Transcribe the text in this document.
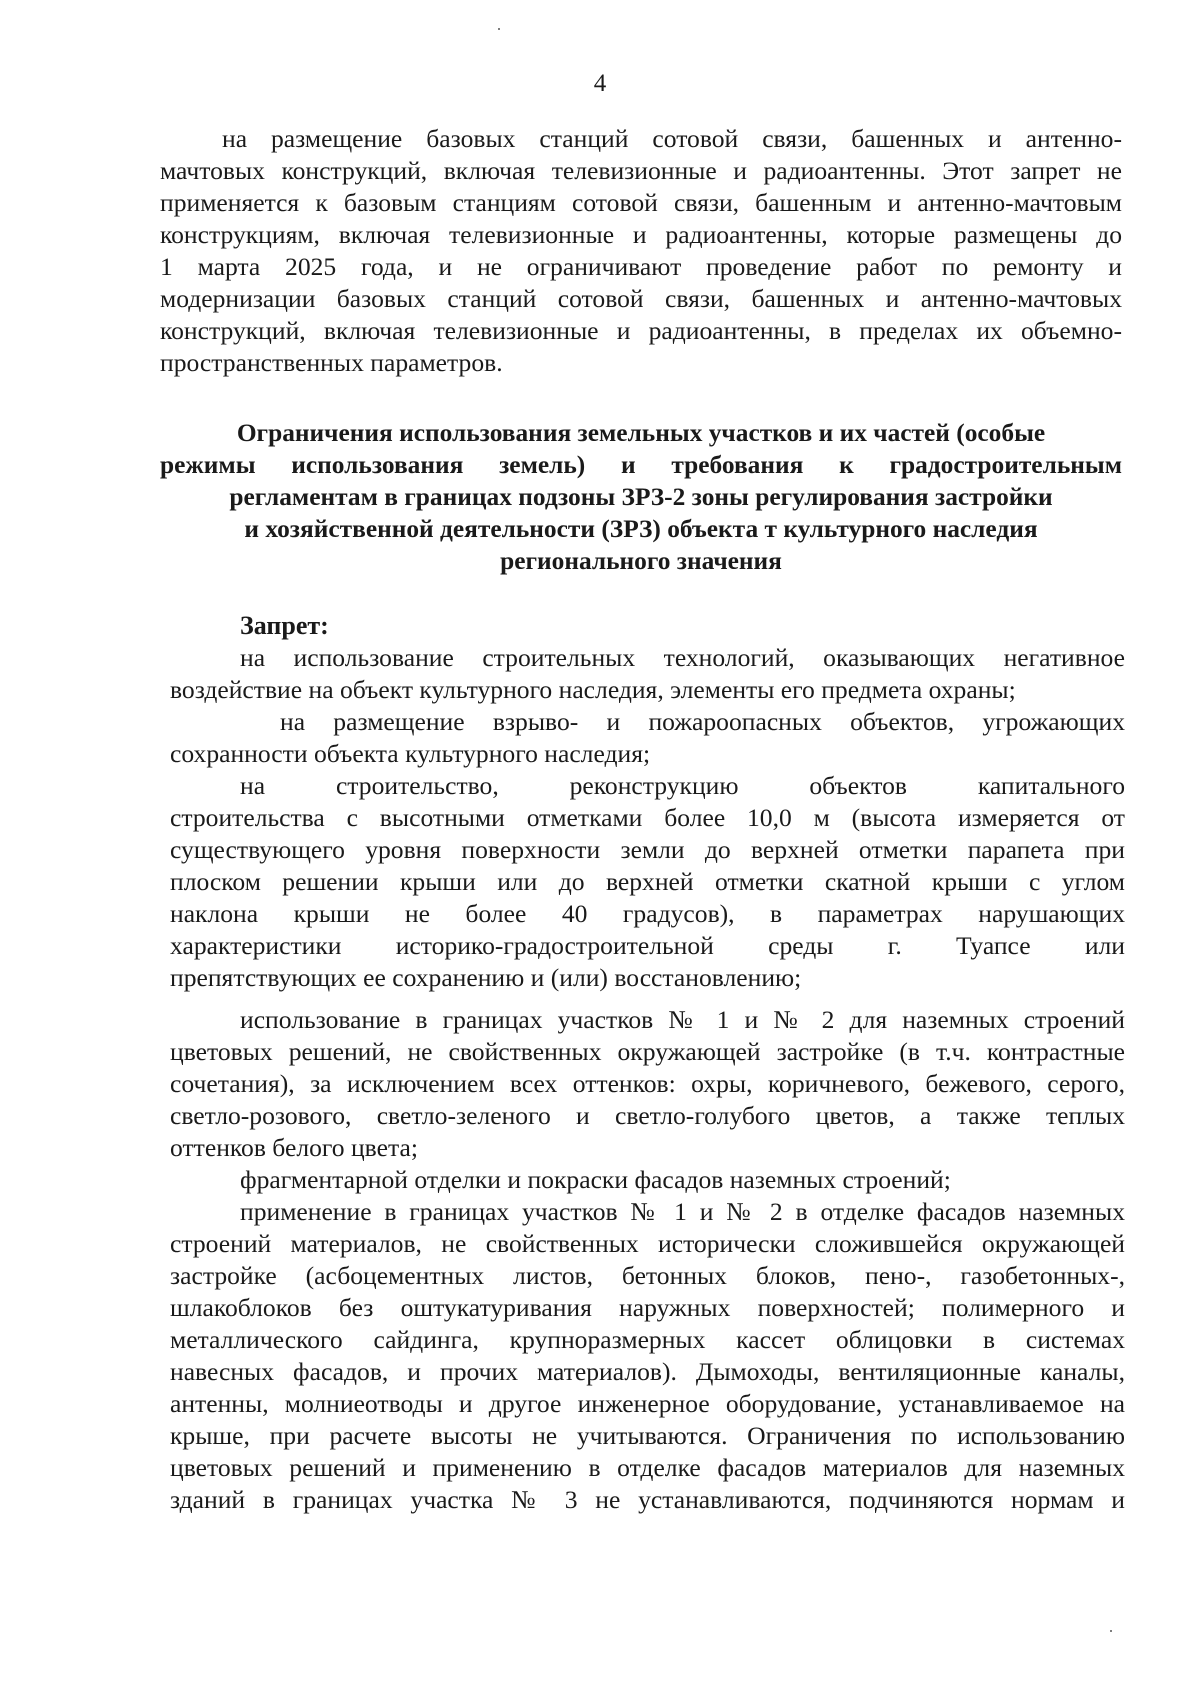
4
на размещение базовых станций сотовой связи, башенных и антенно-
мачтовых конструкций, включая телевизионные и радиоантенны. Этот запрет не
применяется к базовым станциям сотовой связи, башенным и антенно-мачтовым
конструкциям, включая телевизионные и радиоантенны, которые размещены до
1 марта 2025 года, и не ограничивают проведение работ по ремонту и
модернизации базовых станций сотовой связи, башенных и антенно-мачтовых
конструкций, включая телевизионные и радиоантенны, в пределах их объемно-
пространственных параметров.
Ограничения использования земельных участков и их частей (особые
режимы использования земель) и требования к градостроительным
регламентам в границах подзоны ЗРЗ-2 зоны регулирования застройки
и хозяйственной деятельности (ЗРЗ) объекта т культурного наследия
регионального значения
Запрет:
на использование строительных технологий, оказывающих негативное
воздействие на объект культурного наследия, элементы его предмета охраны;
на размещение взрыво- и пожароопасных объектов, угрожающих
сохранности объекта культурного наследия;
на строительство, реконструкцию объектов капитального
строительства с высотными отметками более 10,0 м (высота измеряется от
существующего уровня поверхности земли до верхней отметки парапета при
плоском решении крыши или до верхней отметки скатной крыши с углом
наклона крыши не более 40 градусов), в параметрах нарушающих
характеристики историко-градостроительной среды г. Туапсе или
препятствующих ее сохранению и (или) восстановлению;
использование в границах участков № 1 и № 2 для наземных строений
цветовых решений, не свойственных окружающей застройке (в т.ч. контрастные
сочетания), за исключением всех оттенков: охры, коричневого, бежевого, серого,
светло-розового, светло-зеленого и светло-голубого цветов, а также теплых
оттенков белого цвета;
фрагментарной отделки и покраски фасадов наземных строений;
применение в границах участков № 1 и № 2 в отделке фасадов наземных
строений материалов, не свойственных исторически сложившейся окружающей
застройке (асбоцементных листов, бетонных блоков, пено-, газобетонных-,
шлакоблоков без оштукатуривания наружных поверхностей; полимерного и
металлического сайдинга, крупноразмерных кассет облицовки в системах
навесных фасадов, и прочих материалов). Дымоходы, вентиляционные каналы,
антенны, молниеотводы и другое инженерное оборудование, устанавливаемое на
крыше, при расчете высоты не учитываются. Ограничения по использованию
цветовых решений и применению в отделке фасадов материалов для наземных
зданий в границах участка № 3 не устанавливаются, подчиняются нормам и
